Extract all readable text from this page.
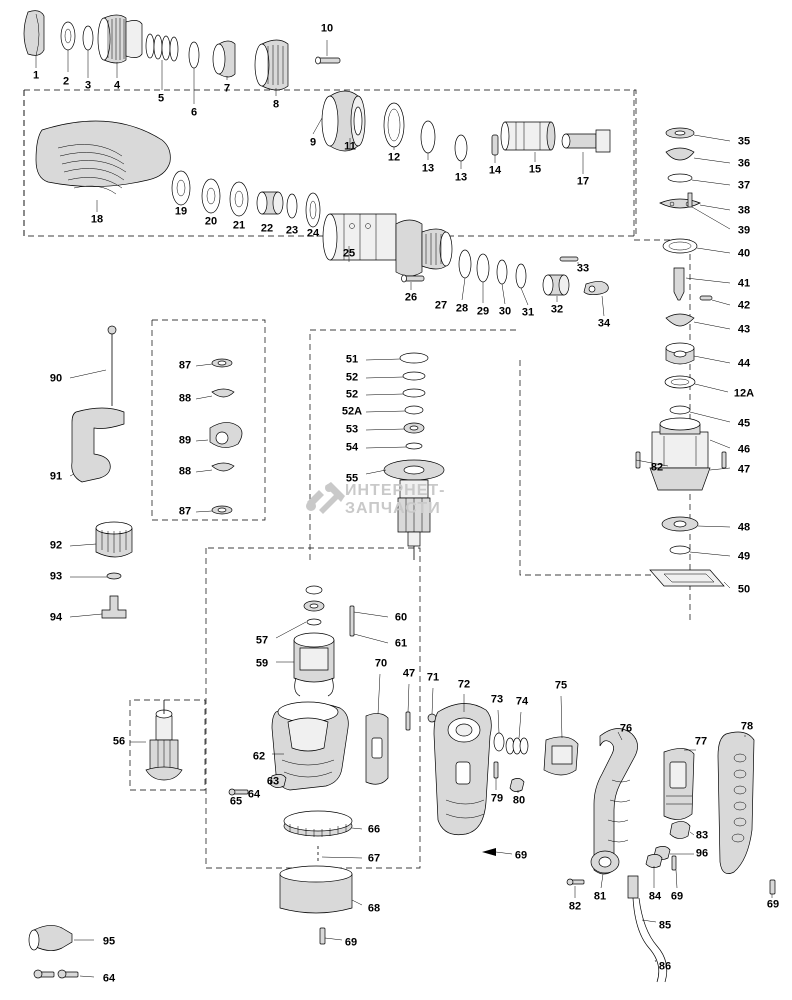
ИНТЕРНЕТ-
ЗАПЧАСТИ
1 2 3 4
5
6
7
8
9
10
11
12
13
13
14	15
17
18
19
20 21 22 23 24
25
26
27 28 29 30 31 32
33
34
35
36
37
38
39
40
41
42
43
44
12A
45
46
47
48
49
50
82
51
52
52
52A
53
54
55
87
88
89
88
87
90
91
92
93
94
56
57
59
60
61
62
63
64
65
66
67
68
69
70
47 71
72
73 74
75
76
77
78
79 80
69
83
96
82
81	84 69
85
86
69
95
64
